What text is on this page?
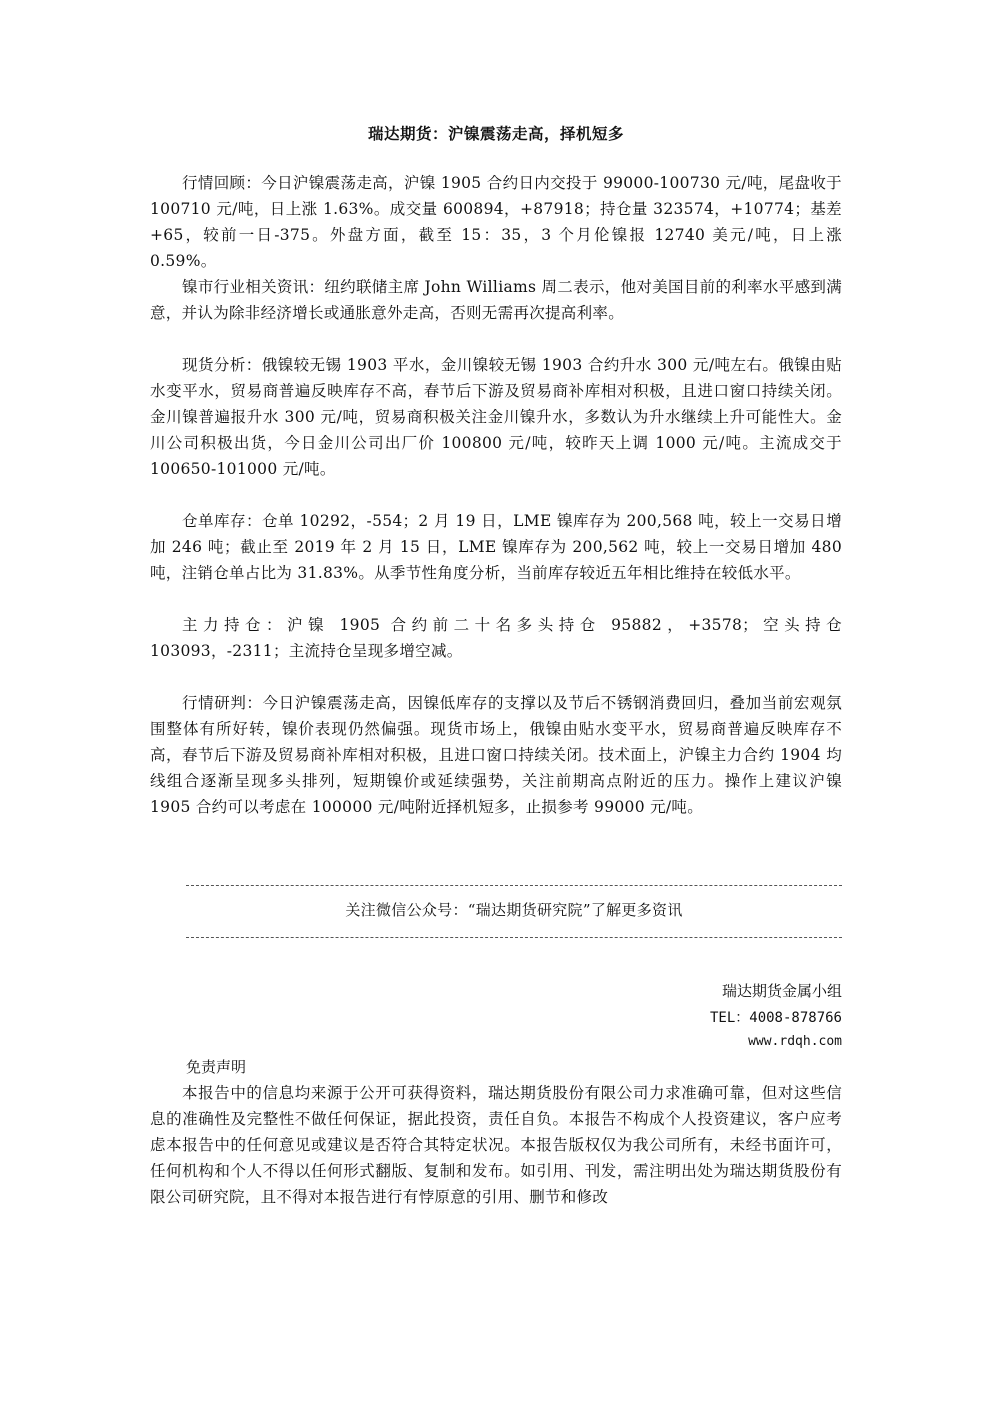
瑞达期货：沪镍震荡走高，择机短多

行情回顾：今日沪镍震荡走高，沪镍 1905 合约日内交投于 99000-100730 元/吨，尾盘收于 100710 元/吨，日上涨 1.63%。成交量 600894，+87918；持仓量 323574，+10774；基差+65，较前一日-375。外盘方面，截至 15：35，3 个月伦镍报 12740 美元/吨，日上涨 0.59%。

镍市行业相关资讯：纽约联储主席 John Williams 周二表示，他对美国目前的利率水平感到满意，并认为除非经济增长或通胀意外走高，否则无需再次提高利率。

现货分析：俄镍较无锡 1903 平水，金川镍较无锡 1903 合约升水 300 元/吨左右。俄镍由贴水变平水，贸易商普遍反映库存不高，春节后下游及贸易商补库相对积极，且进口窗口持续关闭。金川镍普遍报升水 300 元/吨，贸易商积极关注金川镍升水，多数认为升水继续上升可能性大。金川公司积极出货，今日金川公司出厂价 100800 元/吨，较昨天上调 1000 元/吨。主流成交于 100650-101000 元/吨。

仓单库存：仓单 10292，-554；2 月 19 日，LME 镍库存为 200,568 吨，较上一交易日增加 246 吨；截止至 2019 年 2 月 15 日，LME 镍库存为 200,562 吨，较上一交易日增加 480 吨，注销仓单占比为 31.83%。从季节性角度分析，当前库存较近五年相比维持在较低水平。

主力持仓：沪镍 1905 合约前二十名多头持仓 95882，+3578；空头持仓 103093，-2311；主流持仓呈现多增空减。

行情研判：今日沪镍震荡走高，因镍低库存的支撑以及节后不锈钢消费回归，叠加当前宏观氛围整体有所好转，镍价表现仍然偏强。现货市场上，俄镍由贴水变平水，贸易商普遍反映库存不高，春节后下游及贸易商补库相对积极，且进口窗口持续关闭。技术面上，沪镍主力合约 1904 均线组合逐渐呈现多头排列，短期镍价或延续强势，关注前期高点附近的压力。操作上建议沪镍 1905 合约可以考虑在 100000 元/吨附近择机短多，止损参考 99000 元/吨。

关注微信公众号：“瑞达期货研究院”了解更多资讯
瑞达期货金属小组
TEL：4008-878766
www.rdqh.com
免责声明

本报告中的信息均来源于公开可获得资料，瑞达期货股份有限公司力求准确可靠，但对这些信息的准确性及完整性不做任何保证，据此投资，责任自负。本报告不构成个人投资建议，客户应考虑本报告中的任何意见或建议是否符合其特定状况。本报告版权仅为我公司所有，未经书面许可，任何机构和个人不得以任何形式翻版、复制和发布。如引用、刊发，需注明出处为瑞达期货股份有限公司研究院，且不得对本报告进行有悖原意的引用、删节和修改
